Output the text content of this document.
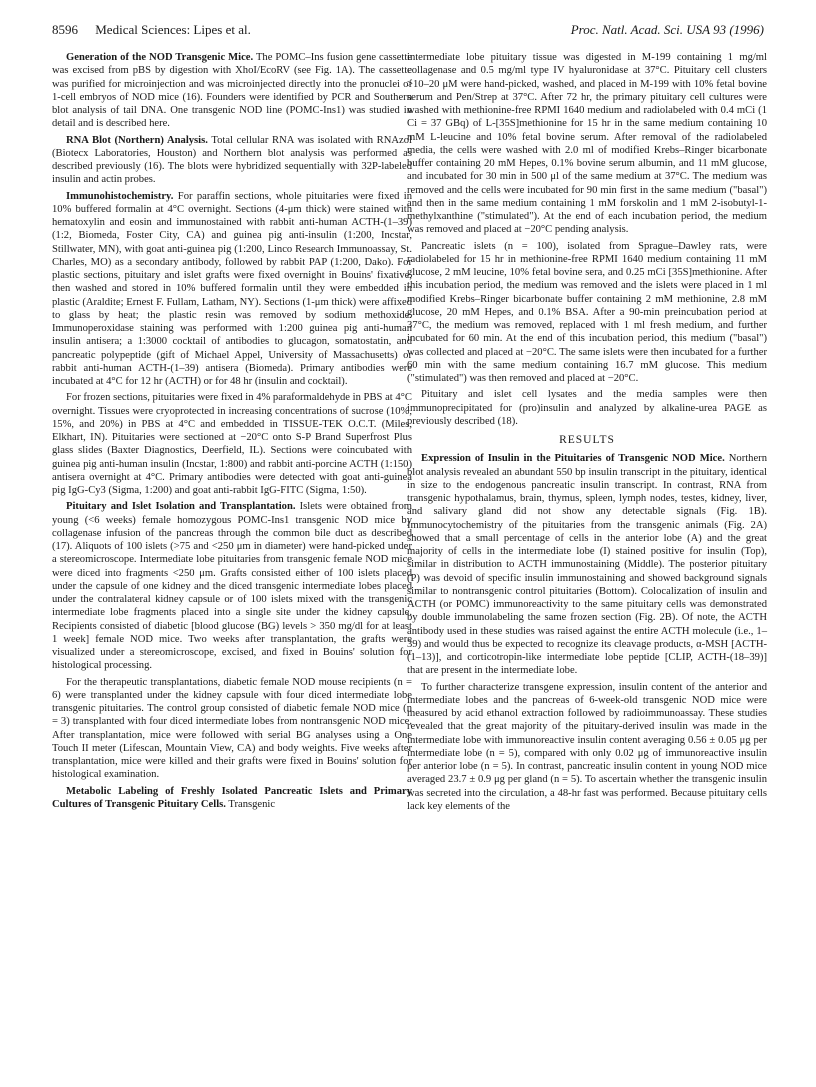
8596 Medical Sciences: Lipes et al.	Proc. Natl. Acad. Sci. USA 93 (1996)

Generation of the NOD Transgenic Mice. The POMC–Ins fusion gene cassette was excised from pBS by digestion with XhoI/EcoRV (see Fig. 1A). The cassette was purified for microinjection and was microinjected directly into the pronuclei of 1-cell embryos of NOD mice (16). Founders were identified by PCR and Southern blot analysis of tail DNA. One transgenic NOD line (POMC-Ins1) was studied in detail and is described here.

RNA Blot (Northern) Analysis. Total cellular RNA was isolated with RNAzol (Biotecx Laboratories, Houston) and Northern blot analysis was performed as described previously (16). The blots were hybridized sequentially with 32P-labeled insulin and actin probes.

Immunohistochemistry. For paraffin sections, whole pituitaries were fixed in 10% buffered formalin at 4°C overnight. Sections (4-μm thick) were stained with hematoxylin and eosin and immunostained with rabbit anti-human ACTH-(1–39) (1:2, Biomeda, Foster City, CA) and guinea pig anti-insulin (1:200, Incstar, Stillwater, MN), with goat anti-guinea pig (1:200, Linco Research Immunoassay, St. Charles, MO) as a secondary antibody, followed by rabbit PAP (1:200, Dako). For plastic sections, pituitary and islet grafts were fixed overnight in Bouins' fixative, then washed and stored in 10% buffered formalin until they were embedded in plastic (Araldite; Ernest F. Fullam, Latham, NY). Sections (1-μm thick) were affixed to glass by heat; the plastic resin was removed by sodium methoxide. Immunoperoxidase staining was performed with 1:200 guinea pig anti-human insulin antisera; a 1:3000 cocktail of antibodies to glucagon, somatostatin, and pancreatic polypeptide (gift of Michael Appel, University of Massachusetts) or rabbit anti-human ACTH-(1–39) antisera (Biomeda). Primary antibodies were incubated at 4°C for 12 hr (ACTH) or for 48 hr (insulin and cocktail).

For frozen sections, pituitaries were fixed in 4% paraformaldehyde in PBS at 4°C overnight. Tissues were cryoprotected in increasing concentrations of sucrose (10%, 15%, and 20%) in PBS at 4°C and embedded in TISSUE-TEK O.C.T. (Miles, Elkhart, IN). Pituitaries were sectioned at −20°C onto S-P Brand Superfrost Plus glass slides (Baxter Diagnostics, Deerfield, IL). Sections were coincubated with guinea pig anti-human insulin (Incstar, 1:800) and rabbit anti-porcine ACTH (1:150) antisera overnight at 4°C. Primary antibodies were detected with goat anti-guinea pig IgG-Cy3 (Sigma, 1:200) and goat anti-rabbit IgG-FITC (Sigma, 1:50).

Pituitary and Islet Isolation and Transplantation. Islets were obtained from young (<6 weeks) female homozygous POMC-Ins1 transgenic NOD mice by collagenase infusion of the pancreas through the common bile duct as described (17). Aliquots of 100 islets (>75 and <250 μm in diameter) were hand-picked under a stereomicroscope. Intermediate lobe pituitaries from transgenic female NOD mice were diced into fragments <250 μm. Grafts consisted either of 100 islets placed under the capsule of one kidney and the diced transgenic intermediate lobes placed under the contralateral kidney capsule or of 100 islets mixed with the transgenic intermediate lobe fragments placed into a single site under the kidney capsule. Recipients consisted of diabetic [blood glucose (BG) levels > 350 mg/dl for at least 1 week] female NOD mice. Two weeks after transplantation, the grafts were visualized under a stereomicroscope, excised, and fixed in Bouins' solution for histological processing.

For the therapeutic transplantations, diabetic female NOD mouse recipients (n = 6) were transplanted under the kidney capsule with four diced intermediate lobe transgenic pituitaries. The control group consisted of diabetic female NOD mice (n = 3) transplanted with four diced intermediate lobes from nontransgenic NOD mice. After transplantation, mice were followed with serial BG analyses using a One Touch II meter (Lifescan, Mountain View, CA) and body weights. Five weeks after transplantation, mice were killed and their grafts were fixed in Bouins' solution for histological examination.

Metabolic Labeling of Freshly Isolated Pancreatic Islets and Primary Cultures of Transgenic Pituitary Cells. Transgenic

intermediate lobe pituitary tissue was digested in M-199 containing 1 mg/ml collagenase and 0.5 mg/ml type IV hyaluronidase at 37°C. Pituitary cell clusters >10–20 μM were hand-picked, washed, and placed in M-199 with 10% fetal bovine serum and Pen/Strep at 37°C. After 72 hr, the primary pituitary cell cultures were washed with methionine-free RPMI 1640 medium and radiolabeled with 0.4 mCi (1 Ci = 37 GBq) of L-[35S]methionine for 15 hr in the same medium containing 10 mM L-leucine and 10% fetal bovine serum. After removal of the radiolabeled media, the cells were washed with 2.0 ml of modified Krebs–Ringer bicarbonate buffer containing 20 mM Hepes, 0.1% bovine serum albumin, and 11 mM glucose, and incubated for 30 min in 500 μl of the same medium at 37°C. The medium was removed and the cells were incubated for 90 min first in the same medium ("basal") and then in the same medium containing 1 mM forskolin and 1 mM 2-isobutyl-1-methylxanthine ("stimulated"). At the end of each incubation period, the medium was removed and placed at −20°C pending analysis.

Pancreatic islets (n = 100), isolated from Sprague–Dawley rats, were radiolabeled for 15 hr in methionine-free RPMI 1640 medium containing 11 mM glucose, 2 mM leucine, 10% fetal bovine sera, and 0.25 mCi [35S]methionine. After this incubation period, the medium was removed and the islets were placed in 1 ml modified Krebs–Ringer bicarbonate buffer containing 2 mM methionine, 2.8 mM glucose, 20 mM Hepes, and 0.1% BSA. After a 90-min preincubation period at 37°C, the medium was removed, replaced with 1 ml fresh medium, and further incubated for 60 min. At the end of this incubation period, this medium ("basal") was collected and placed at −20°C. The same islets were then incubated for a further 60 min with the same medium containing 16.7 mM glucose. This medium ("stimulated") was then removed and placed at −20°C.

Pituitary and islet cell lysates and the media samples were then immunoprecipitated for (pro)insulin and analyzed by alkaline-urea PAGE as previously described (18).

RESULTS

Expression of Insulin in the Pituitaries of Transgenic NOD Mice. Northern blot analysis revealed an abundant 550 bp insulin transcript in the pituitary, identical in size to the endogenous pancreatic insulin transcript. In contrast, RNA from transgenic hypothalamus, brain, thymus, spleen, lymph nodes, testes, kidney, liver, and salivary gland did not show any detectable signals (Fig. 1B). Immunocytochemistry of the pituitaries from the transgenic animals (Fig. 2A) showed that a small percentage of cells in the anterior lobe (A) and the great majority of cells in the intermediate lobe (I) stained positive for insulin (Top), similar in distribution to ACTH immunostaining (Middle). The posterior pituitary (P) was devoid of specific insulin immunostaining and showed background signals similar to nontransgenic control pituitaries (Bottom). Colocalization of insulin and ACTH (or POMC) immunoreactivity to the same pituitary cells was demonstrated by double immunolabeling the same frozen section (Fig. 2B). Of note, the ACTH antibody used in these studies was raised against the entire ACTH molecule (i.e., 1–39) and would thus be expected to recognize its cleavage products, α-MSH [ACTH-(1–13)], and corticotropin-like intermediate lobe peptide [CLIP, ACTH-(18–39)] that are present in the intermediate lobe.

To further characterize transgene expression, insulin content of the anterior and intermediate lobes and the pancreas of 6-week-old transgenic NOD mice were measured by acid ethanol extraction followed by radioimmunoassay. These studies revealed that the great majority of the pituitary-derived insulin was made in the intermediate lobe with immunoreactive insulin content averaging 0.56 ± 0.05 μg per intermediate lobe (n = 5), compared with only 0.02 μg of immunoreactive insulin per anterior lobe (n = 5). In contrast, pancreatic insulin content in young NOD mice averaged 23.7 ± 0.9 μg per gland (n = 5). To ascertain whether the transgenic insulin was secreted into the circulation, a 48-hr fast was performed. Because pituitary cells lack key elements of the
